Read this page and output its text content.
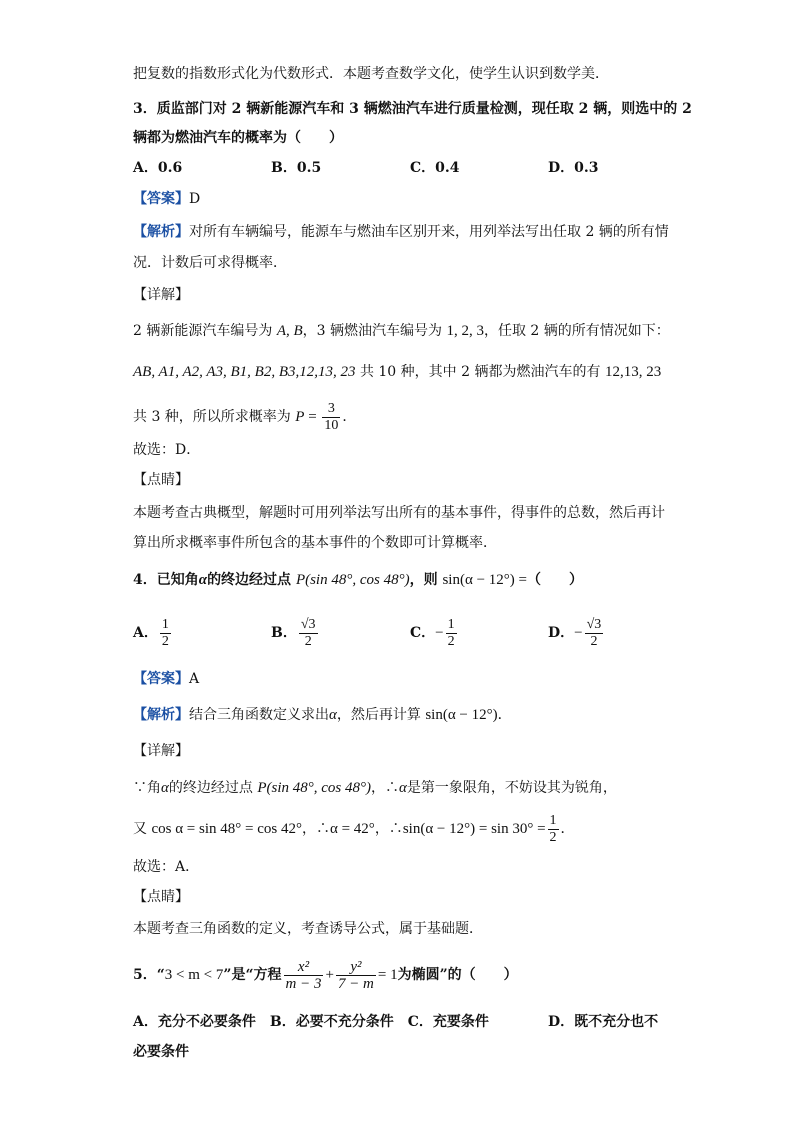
把复数的指数形式化为代数形式．本题考查数学文化，使学生认识到数学美．
3．质监部门对 2 辆新能源汽车和 3 辆燃油汽车进行质量检测，现任取 2 辆，则选中的 2
辆都为燃油汽车的概率为（　　）
A．0.6	B．0.5	C．0.4	D．0.3
【答案】D
【解析】对所有车辆编号，能源车与燃油车区别开来，用列举法写出任取 2 辆的所有情
况．计数后可求得概率．
【详解】
2 辆新能源汽车编号为 A, B，3 辆燃油汽车编号为 1, 2, 3，任取 2 辆的所有情况如下：
AB, A1, A2, A3, B1, B2, B3,12,13, 23 共 10 种，其中 2 辆都为燃油汽车的有 12,13, 23
共 3 种，所以所求概率为 $P = \frac{3}{10}$ ．
故选：D．
【点睛】
本题考查古典概型，解题时可用列举法写出所有的基本事件，得事件的总数，然后再计
算出所求概率事件所包含的基本事件的个数即可计算概率．
4．已知角α的终边经过点 P(sin 48°, cos 48°)，则 sin(α − 12°) =（　　）
A． $\frac{1}{2}$	B． $\frac{√3}{2}$	C．− $\frac{1}{2}$	D．− $\frac{√3}{2}$
【答案】A
【解析】结合三角函数定义求出α，然后再计算 sin(α − 12°)．
【详解】
∵角α的终边经过点 P(sin 48°, cos 48°)，∴α是第一象限角，不妨设其为锐角，
又 cos α = sin 48° = cos 42°，∴α = 42°，∴sin(α − $12^\circ) = \sin 30^\circ = \frac{1}{2}$ ．
故选：A．
【点睛】
本题考查三角函数的定义，考查诱导公式，属于基础题．
5．“3 < m < 7”是“方程 $\frac{\text{x²}}{m - 3} + \frac{\text{y²}}{7 - m} = 1$为椭圆”的（　　）
A．充分不必要条件　B．必要不充分条件　C．充要条件	D．既不充分也不
必要条件
